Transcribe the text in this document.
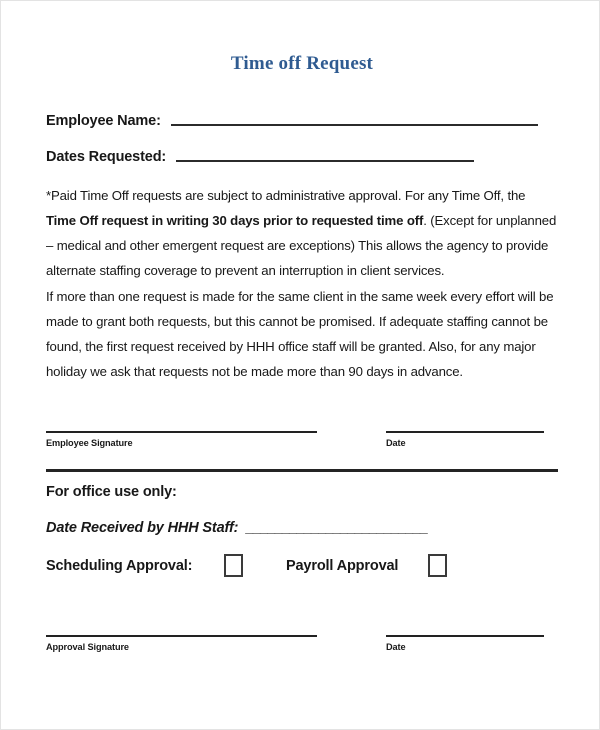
Time off Request
Employee Name:
Dates Requested:
*Paid Time Off requests are subject to administrative approval. For any Time Off, the Time Off request in writing 30 days prior to requested time off. (Except for unplanned – medical and other emergent request are exceptions) This allows the agency to provide alternate staffing coverage to prevent an interruption in client services.
If more than one request is made for the same client in the same week every effort will be made to grant both requests, but this cannot be promised. If adequate staffing cannot be found, the first request received by HHH office staff will be granted. Also, for any major holiday we ask that requests not be made more than 90 days in advance.
Employee Signature	Date
For office use only:
Date Received by HHH Staff: _________________________
Scheduling Approval:	Payroll Approval
Approval Signature	Date
